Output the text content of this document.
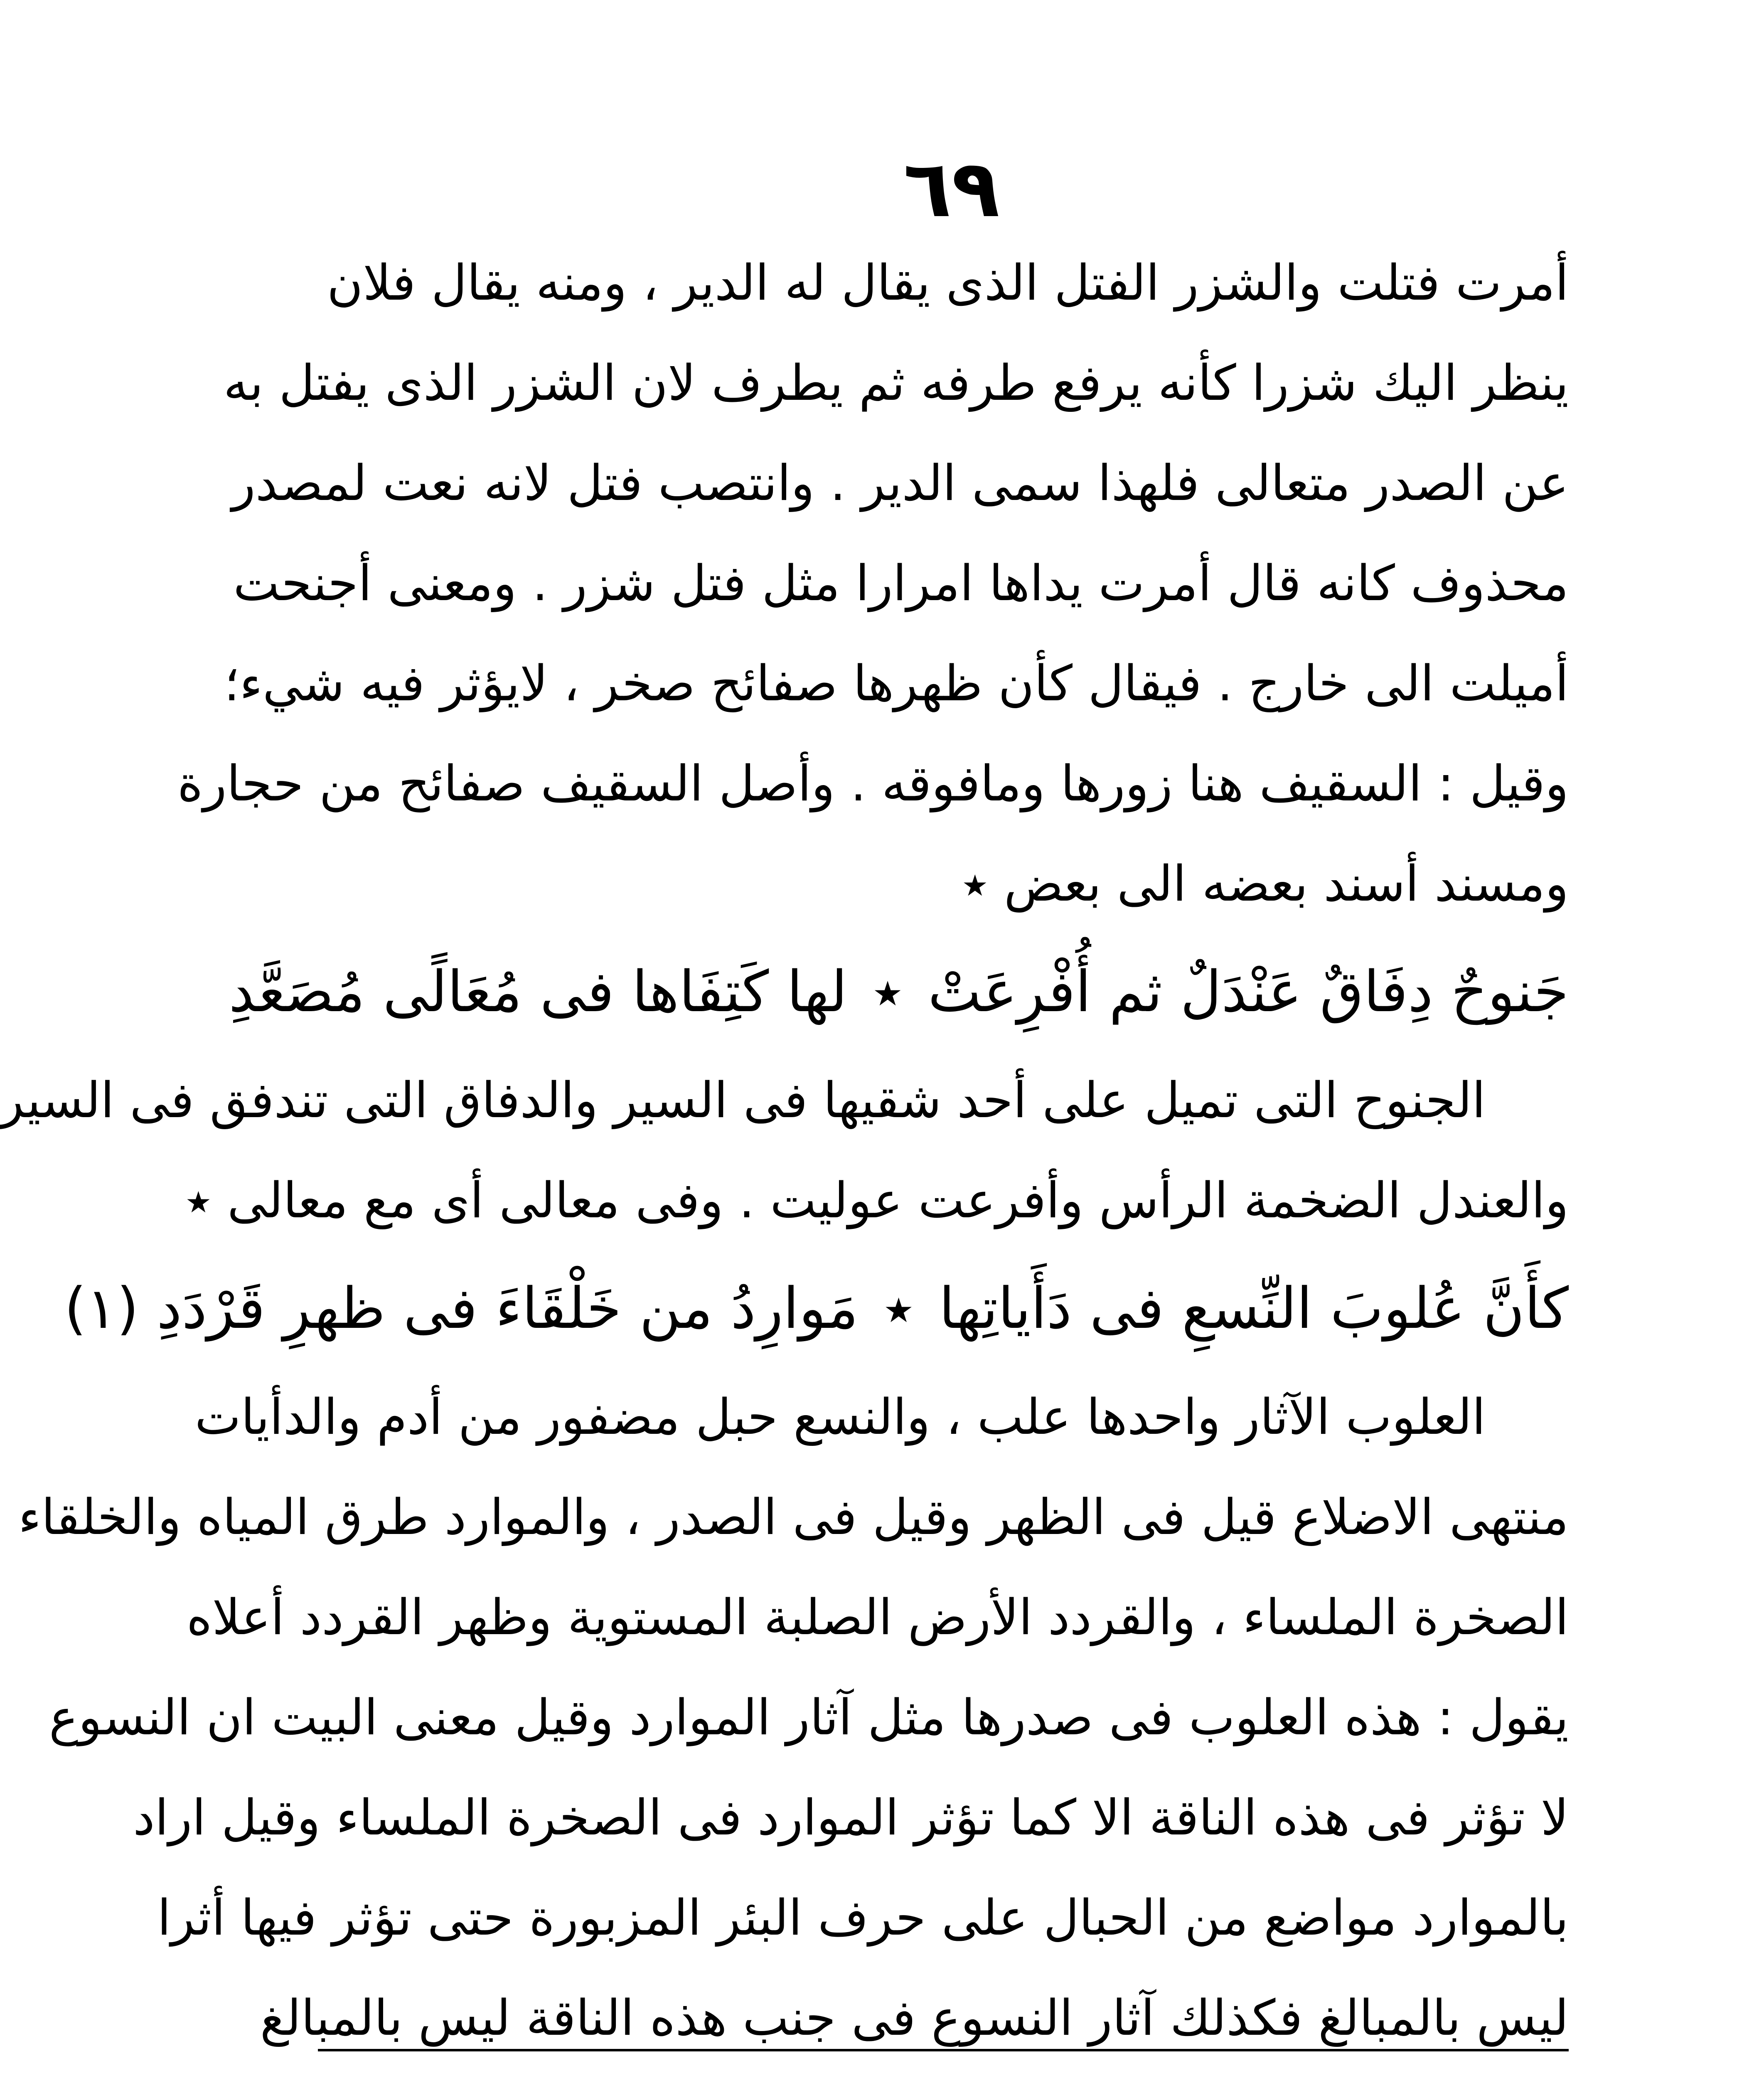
٦٩
أمرت فتلت والشزر الفتل الذى يقال له الدير ، ومنه يقال فلان
ينظر اليك شزرا كأنه يرفع طرفه ثم يطرف لان الشزر الذى يفتل به
عن الصدر متعالى فلهذا سمى الدير . وانتصب فتل لانه نعت لمصدر
محذوف كانه قال أمرت يداها امرارا مثل فتل شزر . ومعنى أجنحت
أميلت الى خارج . فيقال كأن ظهرها صفائح صخر ، لايؤثر فيه شيء؛
وقيل : السقيف هنا زورها ومافوقه . وأصل السقيف صفائح من حجارة
ومسند أسند بعضه الى بعض ٭
جَنوحٌ دِفَاقٌ عَنْدَلٌ ثم أُفْرِعَتْ٭لها كَتِفَاها فى مُعَالًى مُصَعَّدِ
الجنوح التى تميل على أحد شقيها فى السير والدفاق التى تندفق فى السير
والعندل الضخمة الرأس وأفرعت عوليت . وفى معالى أى مع معالى ٭
كأَنَّ عُلوبَ النِّسعِ فى دَأَياتِها٭مَوارِدُ من خَلْقَاءَ فى ظهرِ قَرْدَدِ (١)
العلوب الآثار واحدها علب ، والنسع حبل مضفور من أدم والدأيات
منتهى الاضلاع قيل فى الظهر وقيل فى الصدر ، والموارد طرق المياه والخلقاء
الصخرة الملساء ، والقردد الأرض الصلبة المستوية وظهر القردد أعلاه
يقول : هذه العلوب فى صدرها مثل آثار الموارد وقيل معنى البيت ان النسوع
لا تؤثر فى هذه الناقة الا كما تؤثر الموارد فى الصخرة الملساء وقيل اراد
بالموارد مواضع من الحبال على حرف البئر المزبورة حتى تؤثر فيها أثرا
ليس بالمبالغ فكذلك آثار النسوع فى جنب هذه الناقة ليس بالمبالغ
